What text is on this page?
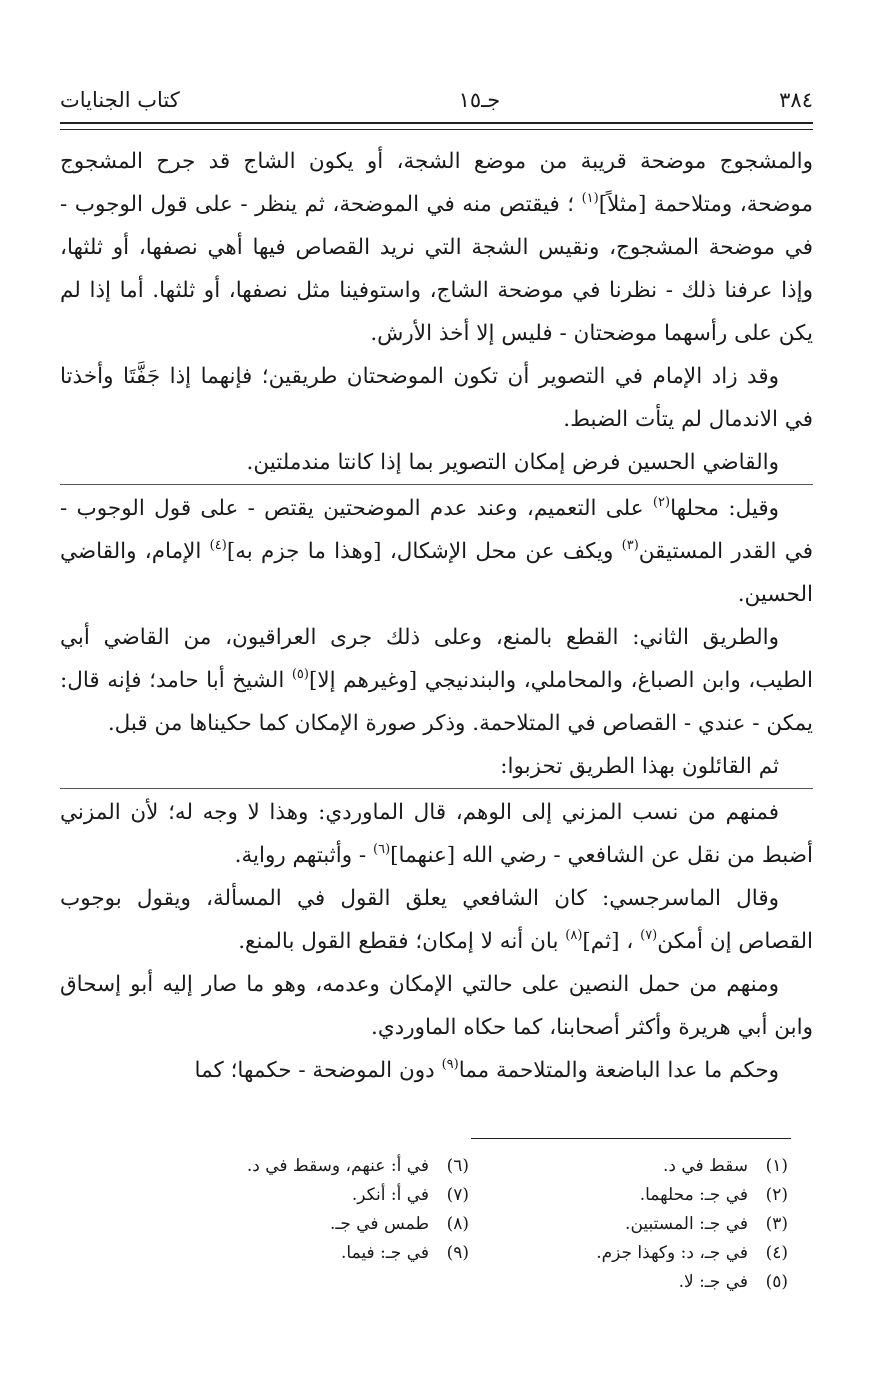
٣٨٤
جـ١٥
كتاب الجنايات

والمشجوج موضحة قريبة من موضع الشجة، أو يكون الشاج قد جرح المشجوج موضحة، ومتلاحمة [مثلاً]$^{(١)}$ ؛ فيقتص منه في الموضحة، ثم ينظر - على قول الوجوب - في موضحة المشجوج، ونقيس الشجة التي نريد القصاص فيها أهي نصفها، أو ثلثها، وإذا عرفنا ذلك - نظرنا في موضحة الشاج، واستوفينا مثل نصفها، أو ثلثها. أما إذا لم يكن على رأسهما موضحتان - فليس إلا أخذ الأرش.

وقد زاد الإمام في التصوير أن تكون الموضحتان طريقين؛ فإنهما إذا جَفَّتَا وأخذتا في الاندمال لم يتأت الضبط.

والقاضي الحسين فرض إمكان التصوير بما إذا كانتا مندملتين.

وقيل: محلها$^{(٢)}$ على التعميم، وعند عدم الموضحتين يقتص - على قول الوجوب - في القدر المستيقن$^{(٣)}$ ويكف عن محل الإشكال، [وهذا ما جزم به]$^{(٤)}$ الإمام، والقاضي الحسين.

والطريق الثاني: القطع بالمنع، وعلى ذلك جرى العراقيون، من القاضي أبي الطيب، وابن الصباغ، والمحاملي، والبندنيجي [وغيرهم إلا]$^{(٥)}$ الشيخ أبا حامد؛ فإنه قال: يمكن - عندي - القصاص في المتلاحمة. وذكر صورة الإمكان كما حكيناها من قبل.

ثم القائلون بهذا الطريق تحزبوا:

فمنهم من نسب المزني إلى الوهم، قال الماوردي: وهذا لا وجه له؛ لأن المزني أضبط من نقل عن الشافعي - رضي الله [عنهما]$^{(٦)}$ - وأثبتهم رواية.

وقال الماسرجسي: كان الشافعي يعلق القول في المسألة، ويقول بوجوب القصاص إن أمكن$^{(٧)}$ ، [ثم]$^{(٨)}$ بان أنه لا إمكان؛ فقطع القول بالمنع.

ومنهم من حمل النصين على حالتي الإمكان وعدمه، وهو ما صار إليه أبو إسحاق وابن أبي هريرة وأكثر أصحابنا، كما حكاه الماوردي.

وحكم ما عدا الباضعة والمتلاحمة مما$^{(٩)}$ دون الموضحة - حكمها؛ كما

(١)سقط في د.
(٢)في جـ: محلهما.
(٣)في جـ: المستبين.
(٤)في جـ، د: وكهذا جزم.
(٥)في جـ: لا.
(٦)في أ: عنهم، وسقط في د.
(٧)في أ: أنكر.
(٨)طمس في جـ.
(٩)في جـ: فيما.
